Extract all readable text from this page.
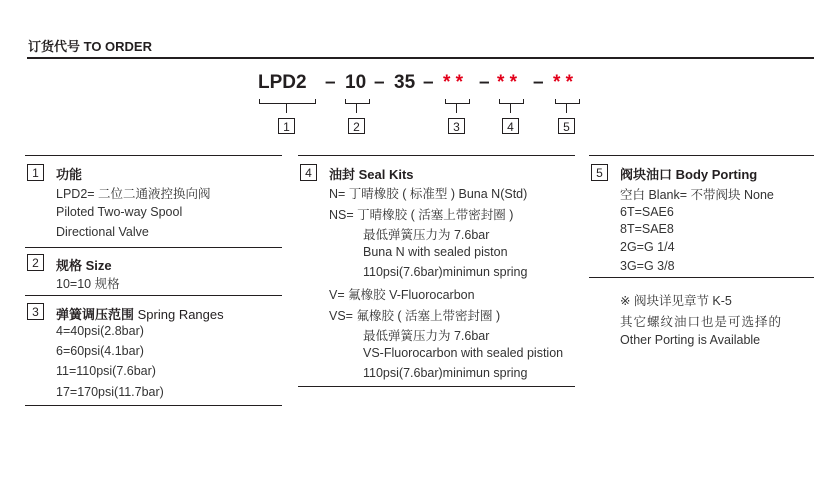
订货代号 TO ORDER
LPD2 – 10 – 35 – * * – * * – * *
1	2	3	4	5
1	功能
LPD2= 二位二通液控换向阀
Piloted Two-way Spool
Directional Valve
2	规格 Size
10=10 规格
3	弹簧调压范围 Spring Ranges
4=40psi(2.8bar)
6=60psi(4.1bar)
11=110psi(7.6bar)
17=170psi(11.7bar)
4	油封 Seal Kits
N= 丁晴橡胶 ( 标准型 ) Buna N(Std)
NS= 丁晴橡胶 ( 活塞上带密封圈 )
最低弹簧压力为 7.6bar
Buna N with sealed piston
110psi(7.6bar)minimun spring
V= 氟橡胶 V-Fluorocarbon
VS= 氟橡胶 ( 活塞上带密封圈 )
最低弹簧压力为 7.6bar
VS-Fluorocarbon with sealed pistion
110psi(7.6bar)minimun spring
5	阀块油口 Body Porting
空白 Blank= 不带阀块 None
6T=SAE6
8T=SAE8
2G=G 1/4
3G=G 3/8
※ 阀块详见章节 K-5
其它螺纹油口也是可选择的
Other Porting is Available
